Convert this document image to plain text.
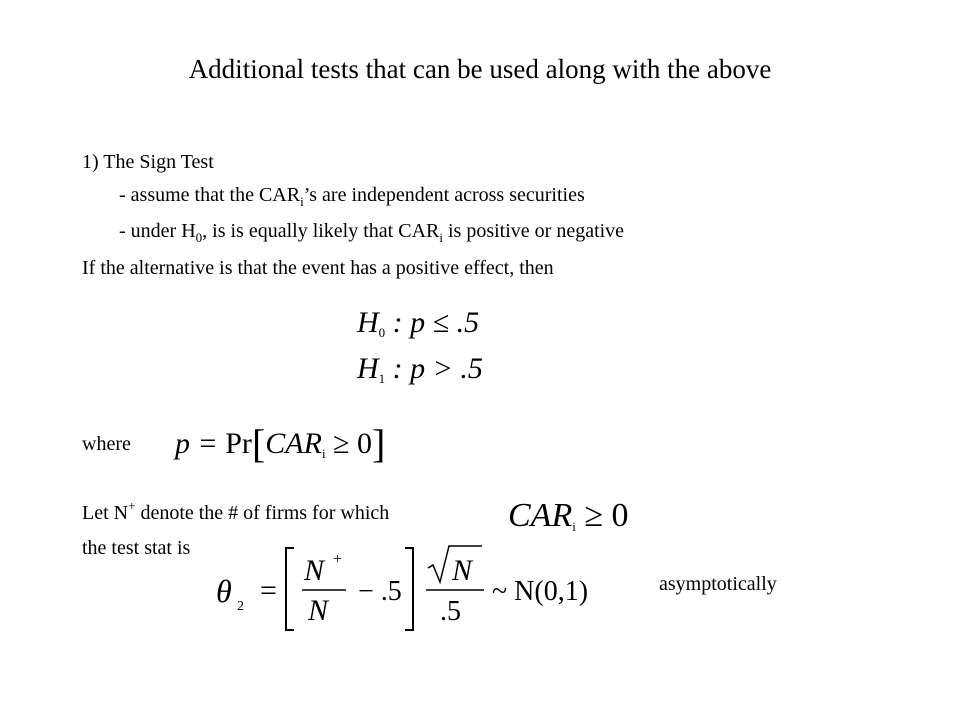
Additional tests that can be used along with the above
1) The Sign Test
- assume that the $CAR_i’s$ are independent across securities
- under $H_0$, is is equally likely that $CAR_i$ is positive or negative
If the alternative is that the event has a positive effect, then
$H_0$ : p ≤ .5
$H_1$ : p > .5
where $p = Pr[CAR_i \ge 0]$
Let N+ denote the # of firms for which	$CAR_i \ge 0$
the test stat is
θ 2 =
N +
N
− .5
N
.5
~ N(0,1)	asymptotically
